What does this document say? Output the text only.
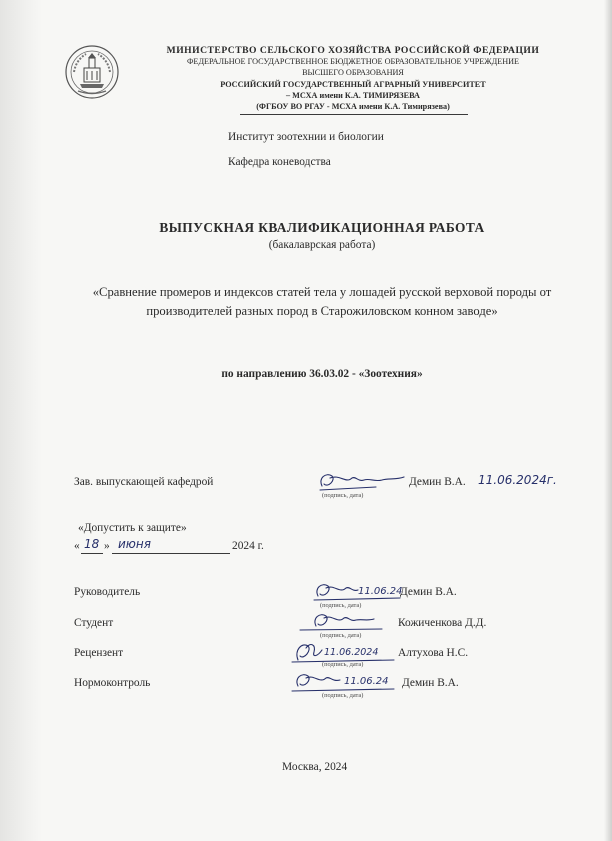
МИНИСТЕРСТВО СЕЛЬСКОГО ХОЗЯЙСТВА РОССИЙСКОЙ ФЕДЕРАЦИИ
ФЕДЕРАЛЬНОЕ ГОСУДАРСТВЕННОЕ БЮДЖЕТНОЕ ОБРАЗОВАТЕЛЬНОЕ УЧРЕЖДЕНИЕ
ВЫСШЕГО ОБРАЗОВАНИЯ
РОССИЙСКИЙ ГОСУДАРСТВЕННЫЙ АГРАРНЫЙ УНИВЕРСИТЕТ
– МСХА имени К.А. ТИМИРЯЗЕВА
(ФГБОУ ВО РГАУ - МСХА имени К.А. Тимирязева)
Институт зоотехнии и биологии
Кафедра коневодства
ВЫПУСКНАЯ КВАЛИФИКАЦИОННАЯ РАБОТА
(бакалаврская работа)
«Сравнение промеров и индексов статей тела у лошадей русской верховой породы от производителей разных пород в Старожиловском конном заводе»
по направлению 36.03.02 - «Зоотехния»
Зав. выпускающей кафедрой
(подпись, дата)
Демин В.А. 11.06.2024г.
«Допустить к защите»
« 18 » июня	2024 г.
Руководитель	11.06.24
(подпись, дата)
Демин В.А.
Студент
(подпись, дата)
Кожиченкова Д.Д.
Рецензент	11.06.2024
(подпись, дата)
Алтухова Н.С.
Нормоконтроль	11.06.24
(подпись, дата)
Демин В.А.
Москва, 2024
